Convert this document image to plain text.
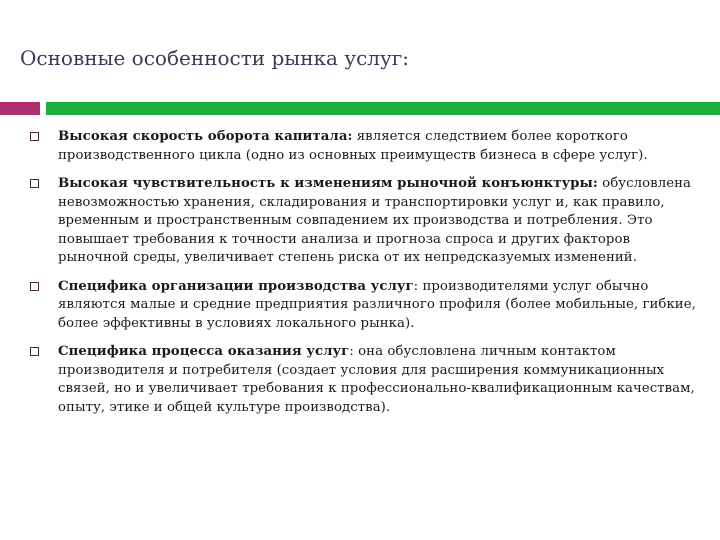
Основные особенности рынка услуг:

Высокая скорость оборота капитала: является следствием более короткого производственного цикла (одно из основных преимуществ бизнеса в сфере услуг).

Высокая чувствительность к изменениям рыночной конъюнктуры: обусловлена невозможностью хранения, складирования и транспортировки услуг и, как правило, временным и пространственным совпадением их производства и потребления. Это повышает требования к точности анализа и прогноза спроса и других факторов рыночной среды, увеличивает степень риска от их непредсказуемых изменений.

Специфика организации производства услуг: производителями услуг обычно являются малые и средние предприятия различного профиля (более мобильные, гибкие, более эффективны в условиях локального рынка).

Специфика процесса оказания услуг: она обусловлена личным контактом производителя и потребителя (создает условия для расширения коммуникационных связей, но и увеличивает требования к профессионально-квалификационным качествам, опыту, этике и общей культуре производства).
